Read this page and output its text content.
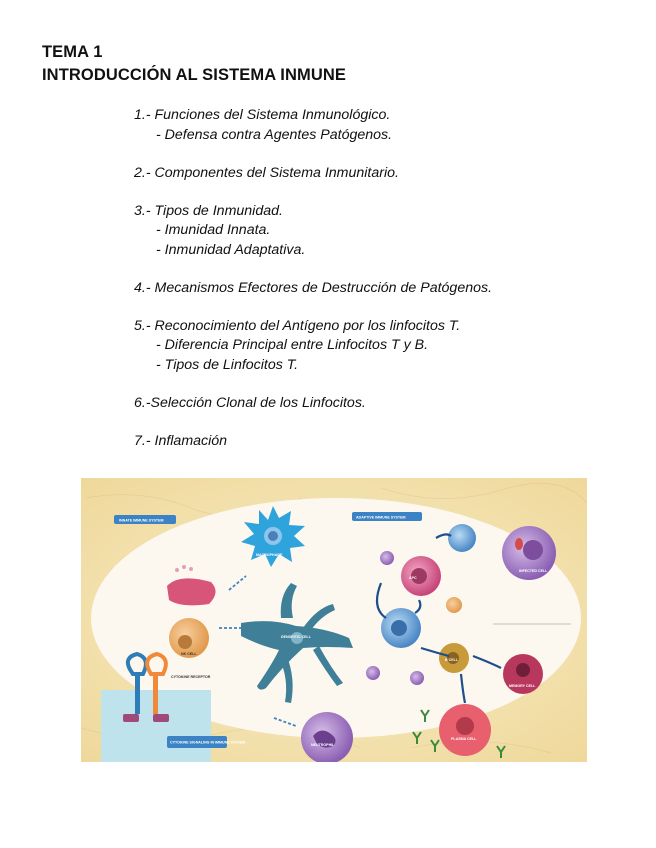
TEMA 1
INTRODUCCIÓN AL SISTEMA INMUNE
1.- Funciones del Sistema Inmunológico.
- Defensa contra Agentes Patógenos.
2.- Componentes del Sistema Inmunitario.
3.- Tipos de Inmunidad.
- Imunidad Innata.
- Inmunidad Adaptativa.
4.- Mecanismos Efectores de Destrucción de Patógenos.
5.- Reconocimiento del Antígeno por los linfocitos T.
- Diferencia Principal entre Linfocitos T y B.
- Tipos de Linfocitos T.
6.-Selección Clonal de los Linfocitos.
7.- Inflamación
INNATE IMMUNE SYSTEM
ADAPTIVE IMMUNE SYSTEM
MACROPHAGE
NK CELL
DENDRITIC CELL
CYTOKINE RECEPTOR
CYTOKINE SIGNALING IN IMMUNE SYSTEM
NEUTROPHIL
APC
B CELL
INFECTED CELL
MEMORY CELL
PLASMA CELL
